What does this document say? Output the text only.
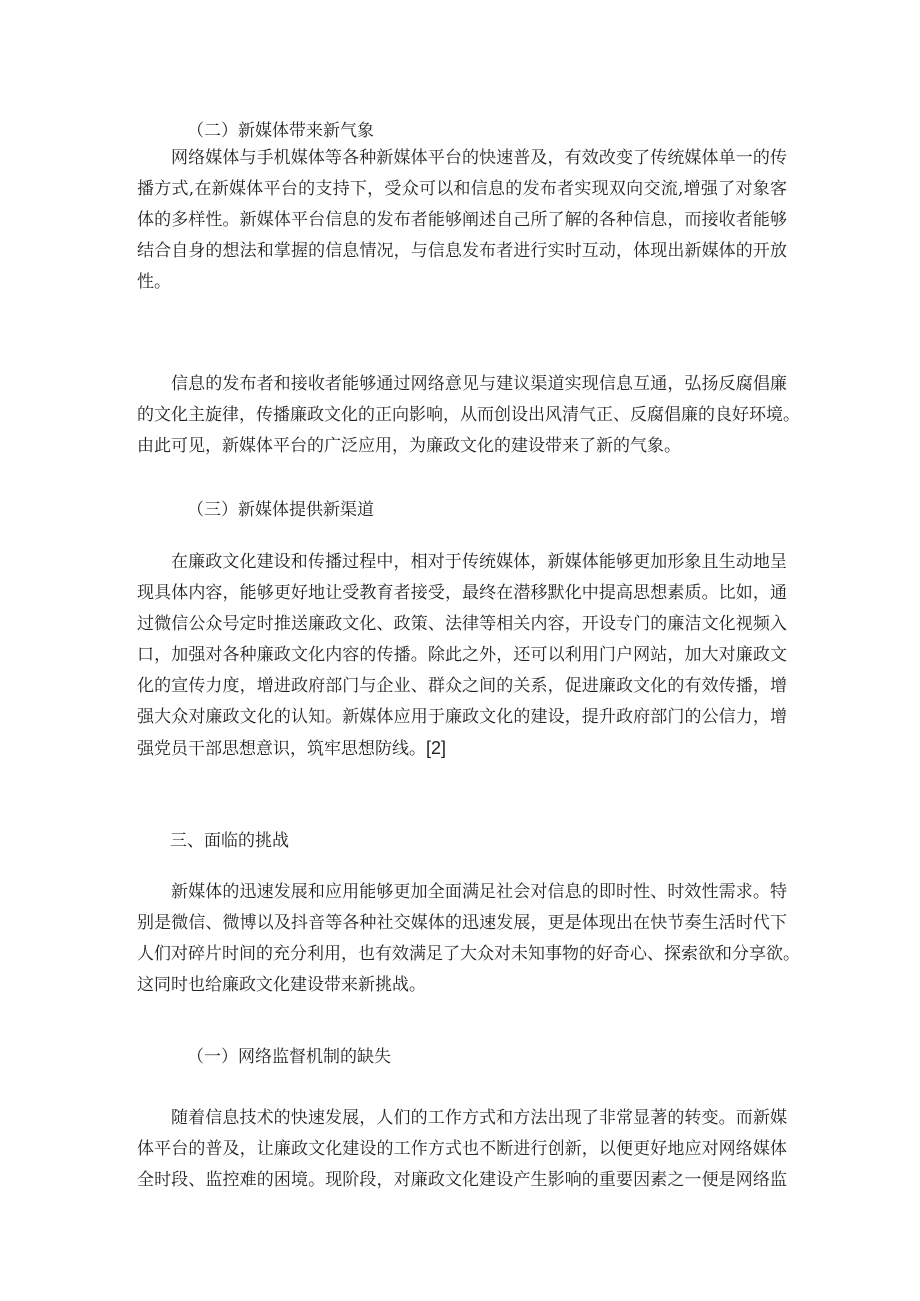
（二）新媒体带来新气象
网络媒体与手机媒体等各种新媒体平台的快速普及，有效改变了传统媒体单一的传
播方式,在新媒体平台的支持下，受众可以和信息的发布者实现双向交流,增强了对象客
体的多样性。新媒体平台信息的发布者能够阐述自己所了解的各种信息，而接收者能够
结合自身的想法和掌握的信息情况，与信息发布者进行实时互动，体现出新媒体的开放
性。
信息的发布者和接收者能够通过网络意见与建议渠道实现信息互通，弘扬反腐倡廉
的文化主旋律，传播廉政文化的正向影响，从而创设出风清气正、反腐倡廉的良好环境。
由此可见，新媒体平台的广泛应用，为廉政文化的建设带来了新的气象。
（三）新媒体提供新渠道
在廉政文化建设和传播过程中，相对于传统媒体，新媒体能够更加形象且生动地呈
现具体内容，能够更好地让受教育者接受，最终在潜移默化中提高思想素质。比如，通
过微信公众号定时推送廉政文化、政策、法律等相关内容，开设专门的廉洁文化视频入
口，加强对各种廉政文化内容的传播。除此之外，还可以利用门户网站，加大对廉政文
化的宣传力度，增进政府部门与企业、群众之间的关系，促进廉政文化的有效传播，增
强大众对廉政文化的认知。新媒体应用于廉政文化的建设，提升政府部门的公信力，增
强党员干部思想意识，筑牢思想防线。[2]
三、面临的挑战
新媒体的迅速发展和应用能够更加全面满足社会对信息的即时性、时效性需求。特
别是微信、微博以及抖音等各种社交媒体的迅速发展，更是体现出在快节奏生活时代下
人们对碎片时间的充分利用，也有效满足了大众对未知事物的好奇心、探索欲和分享欲。
这同时也给廉政文化建设带来新挑战。
（一）网络监督机制的缺失
随着信息技术的快速发展，人们的工作方式和方法出现了非常显著的转变。而新媒
体平台的普及，让廉政文化建设的工作方式也不断进行创新，以便更好地应对网络媒体
全时段、监控难的困境。现阶段，对廉政文化建设产生影响的重要因素之一便是网络监
